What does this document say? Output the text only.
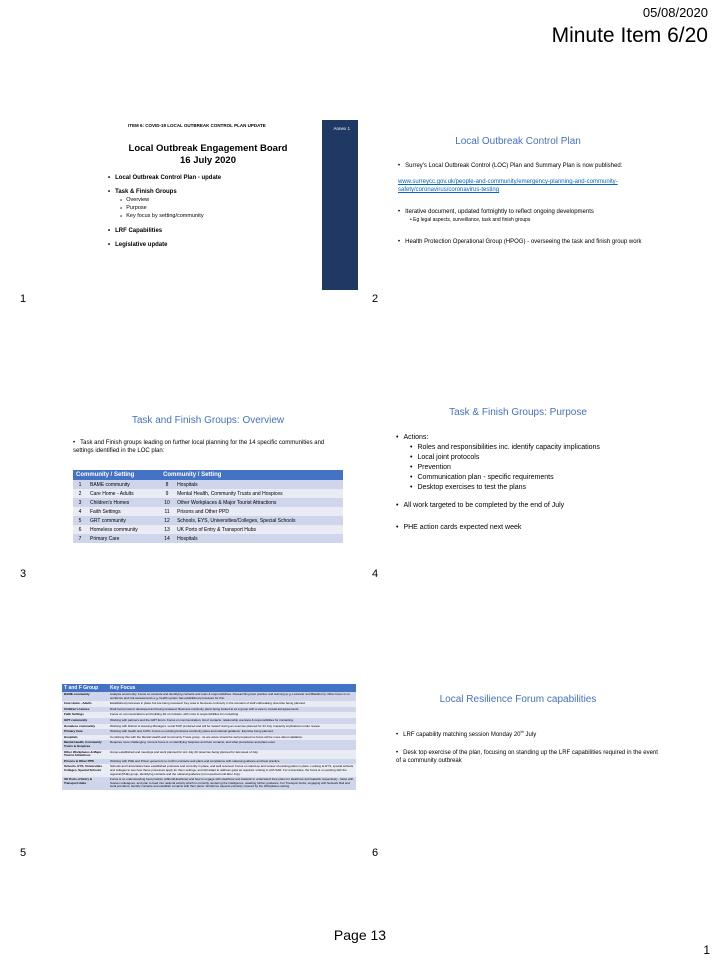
05/08/2020
Minute Item 6/20
ITEM 6: COVID-19 LOCAL OUTBREAK CONTROL PLAN UPDATE
Annex 1
Local Outbreak Engagement Board
16 July 2020
• Local Outbreak Control Plan - update
• Task & Finish Groups
o Overview
o Purpose
o Key focus by setting/community
• LRF Capabilities
• Legislative update
1
Local Outbreak Control Plan
• Surrey's Local Outbreak Control (LOC) Plan and Summary Plan is now published:
www.surreycc.gov.uk/people-and-community/emergency-planning-and-community-safety/coronavirus/coronavirus-testing
• Iterative document, updated fortnightly to reflect ongoing developments
• Eg legal aspects, surveillance, task and finish groups
• Health Protection Operational Group (HPOG) - overseeing the task and finish group work
2
Task and Finish Groups: Overview
• Task and Finish groups leading on further local planning for the 14 specific communities and settings identified in the LOC plan:
Community / Setting		Community / Setting	
1	BAME community	8	Hospitals
2	Care Home - Adults	9	Mental Health, Community Trusts and Hospices
3	Children's Homes	10	Other Workplaces & Major Tourist Attractions
4	Faith Settings	11	Prisons and Other PPD
5	GRT community	12	Schools, EYS, Universities/Colleges, Special Schools
6	Homeless community	13	UK Ports of Entry & Transport Hubs
7	Primary Care	14	Hospitals
3
Task & Finish Groups: Purpose
• Actions:
• Roles and responsibilities inc. identify capacity implications
• Local joint protocols
• Prevention
• Communication plan - specific requirements
• Desktop exercises to test the plans
• All work targeted to be completed by the end of July
• PHE action cards expected next week
4
T and F Group	Key Focus
BAME community	Analysis community. Focus on contexts and identifying contacts and roles & responsibilities. Researching best practice and learning (e.g. Leicester and Blackburn). Other focus is on workforce and risk assessments e.g. health system has established processes for this.
Care Home - Adults	Established processes in place but are being reviewed. Key area is business continuity in the scenario of staff outbreaking. Exercise being planned.
Children's Homes	Draft local protocol developed and being reviewed. Business continuity plans being looked at as a group with a view to mutual aid agreements.
Faith Settings	Focus on communications and building list of contacts, with roles & responsibilities for contacting.
GRT community	Working with partners and the GRT forum. Focus on communication, list of contacts, relationship overview & responsibilities for contacting.
Homeless community	Working with District & Housing Managers. Local SOP produced and will be 'tested' during an exercise planned for 23 July. Capacity implications under review.
Primary Care	Working with health and CCPs. Focus on existing business continuity plans and national guidance. Exercise being planned.
Hospitals	Combining this with the Mental Health and Community Trusts group - its are acute should be well prepared so focus will be more about validation.
Mental Health, Community Trusts & Hospices	Requires more challenging. Current focus is on identifying hospices and their contacts, and what procedures and plans exist.
Other Workplaces & Major Tourist Attractions	Group established and meetings and work planned for w/c July 20. Exercise being planned for last week of July.
Prisons & Other PPD	Working with PHE and Prison governors to confirm contacts and plans and compliance with national guidance and best practice.
Schools, EYS, Universities Colleges, Special Schools	Schools and Universities have established protocols and currently in place, and well received. Focus on stand-up and review of existing plans in place. Looking at EYS, special schools and colleges to see how these processes apply for them settings, and will adapt to address gaps as required. Linking in with SAR. For universities, the focus is on working with the regional (PHE) group, identifying contacts and the national guidance (not expected until after July).
UK Ports of Entry & Transport Hubs	Focus is on understanding best practice (Abbott/Heathrow) and how to engage with Heathrow and Gatwick to understand their plans for Heathrow and Gatwick respectively - liaise with Sussex colleagues, and plan to feed into national activity which is currently rendering the intelligence, awaiting further guidance. For Transport Hubs, engaging with Network Rail and local providers, identify contacts and establish contacts with their plans. Workforce aspects primarily covered by the Workplaces setting.
5
Local Resilience Forum capabilities
• LRF capability matching session Monday 20th July
• Desk top exercise of the plan, focusing on standing up the LRF capabilities required in the event of a community outbreak
6
Page 13
1
